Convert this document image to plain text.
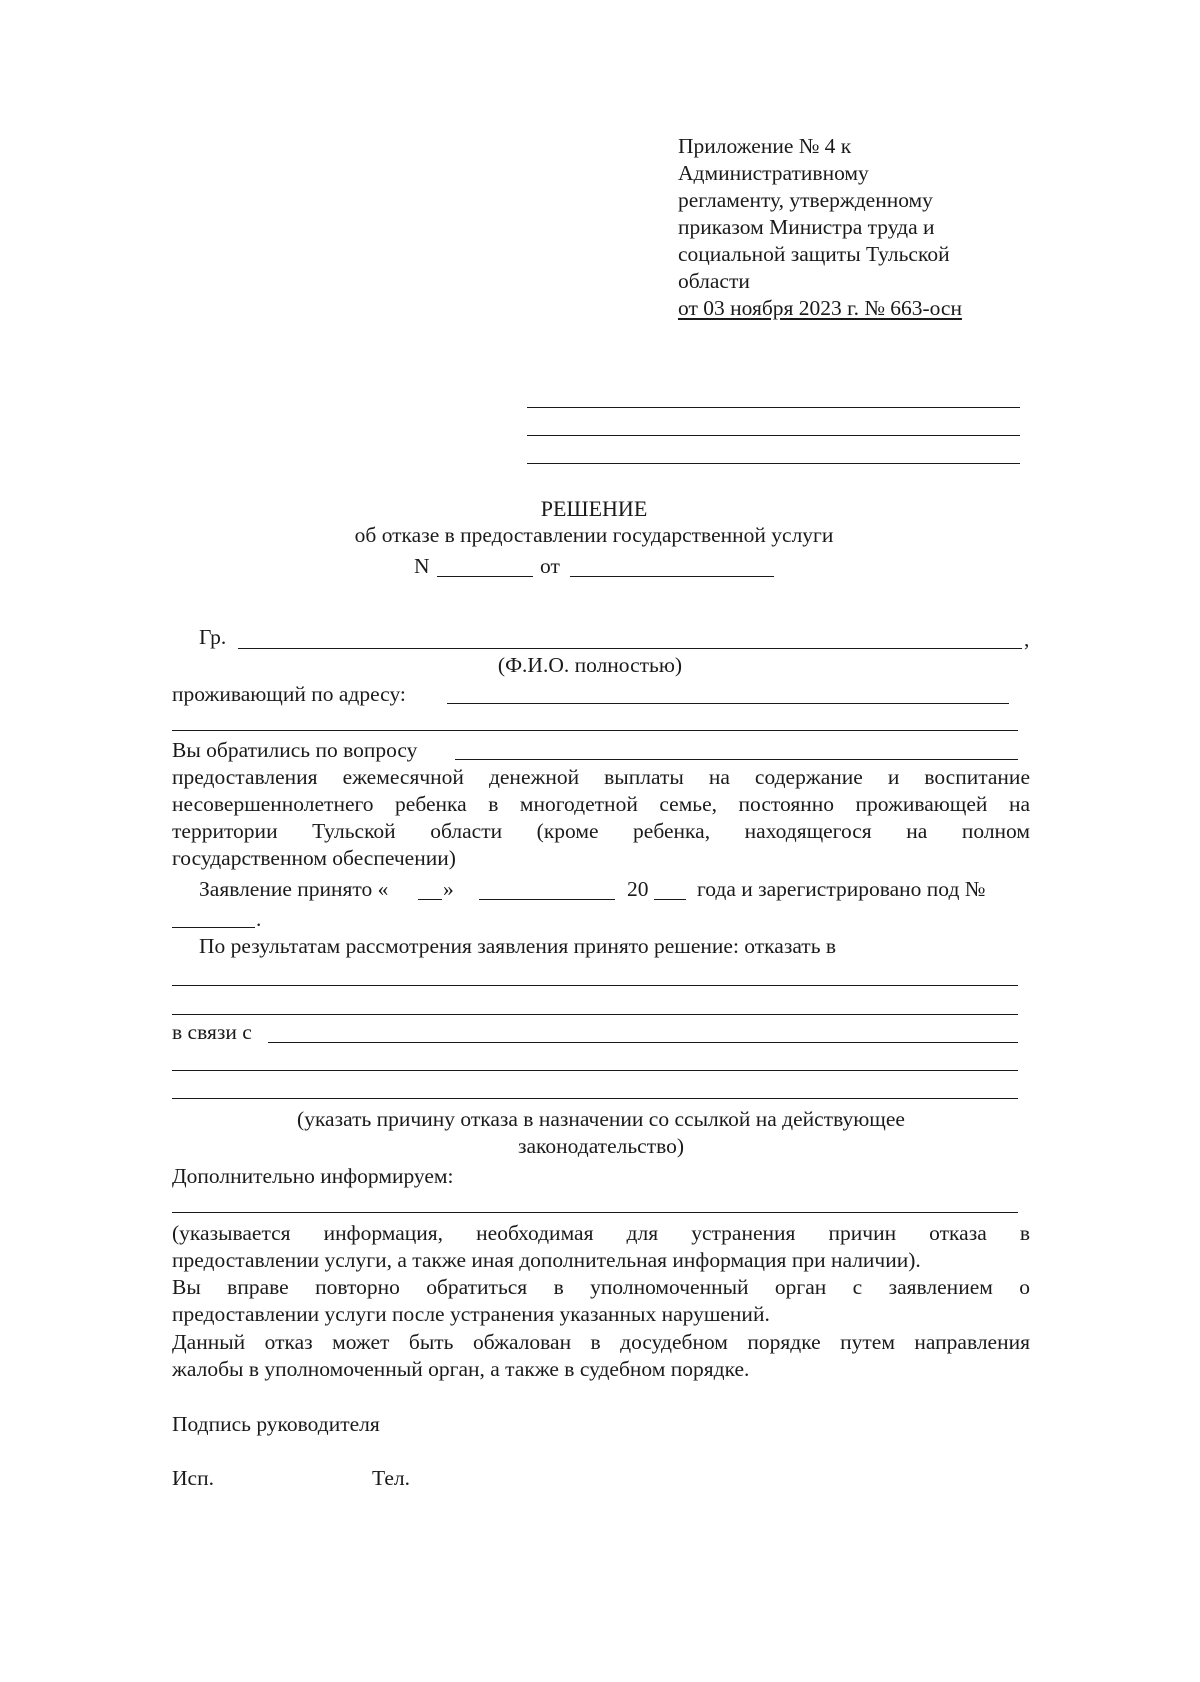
Приложение № 4 к
Административному
регламенту, утвержденному
приказом Министра труда и
социальной защиты Тульской
области
от 03 ноября 2023 г. № 663-осн
РЕШЕНИЕ
об отказе в предоставлении государственной услуги
N	от
Гр.	,
(Ф.И.О. полностью)
проживающий по адресу:
Вы обратились по вопросу
предоставления ежемесячной денежной выплаты на содержание и воспитание
несовершеннолетнего ребенка в многодетной семье, постоянно проживающей на
территории Тульской области (кроме ребенка, находящегося на полном
государственном обеспечении)
Заявление принято «	»	20 года и зарегистрировано под №
.
По результатам рассмотрения заявления принято решение: отказать в
в связи с
(указать причину отказа в назначении со ссылкой на действующее
законодательство)
Дополнительно информируем:
(указывается информация, необходимая для устранения причин отказа в
предоставлении услуги, а также иная дополнительная информация при наличии).
Вы вправе повторно обратиться в уполномоченный орган с заявлением о
предоставлении услуги после устранения указанных нарушений.
Данный отказ может быть обжалован в досудебном порядке путем направления
жалобы в уполномоченный орган, а также в судебном порядке.
Подпись руководителя
Исп.	Тел.
